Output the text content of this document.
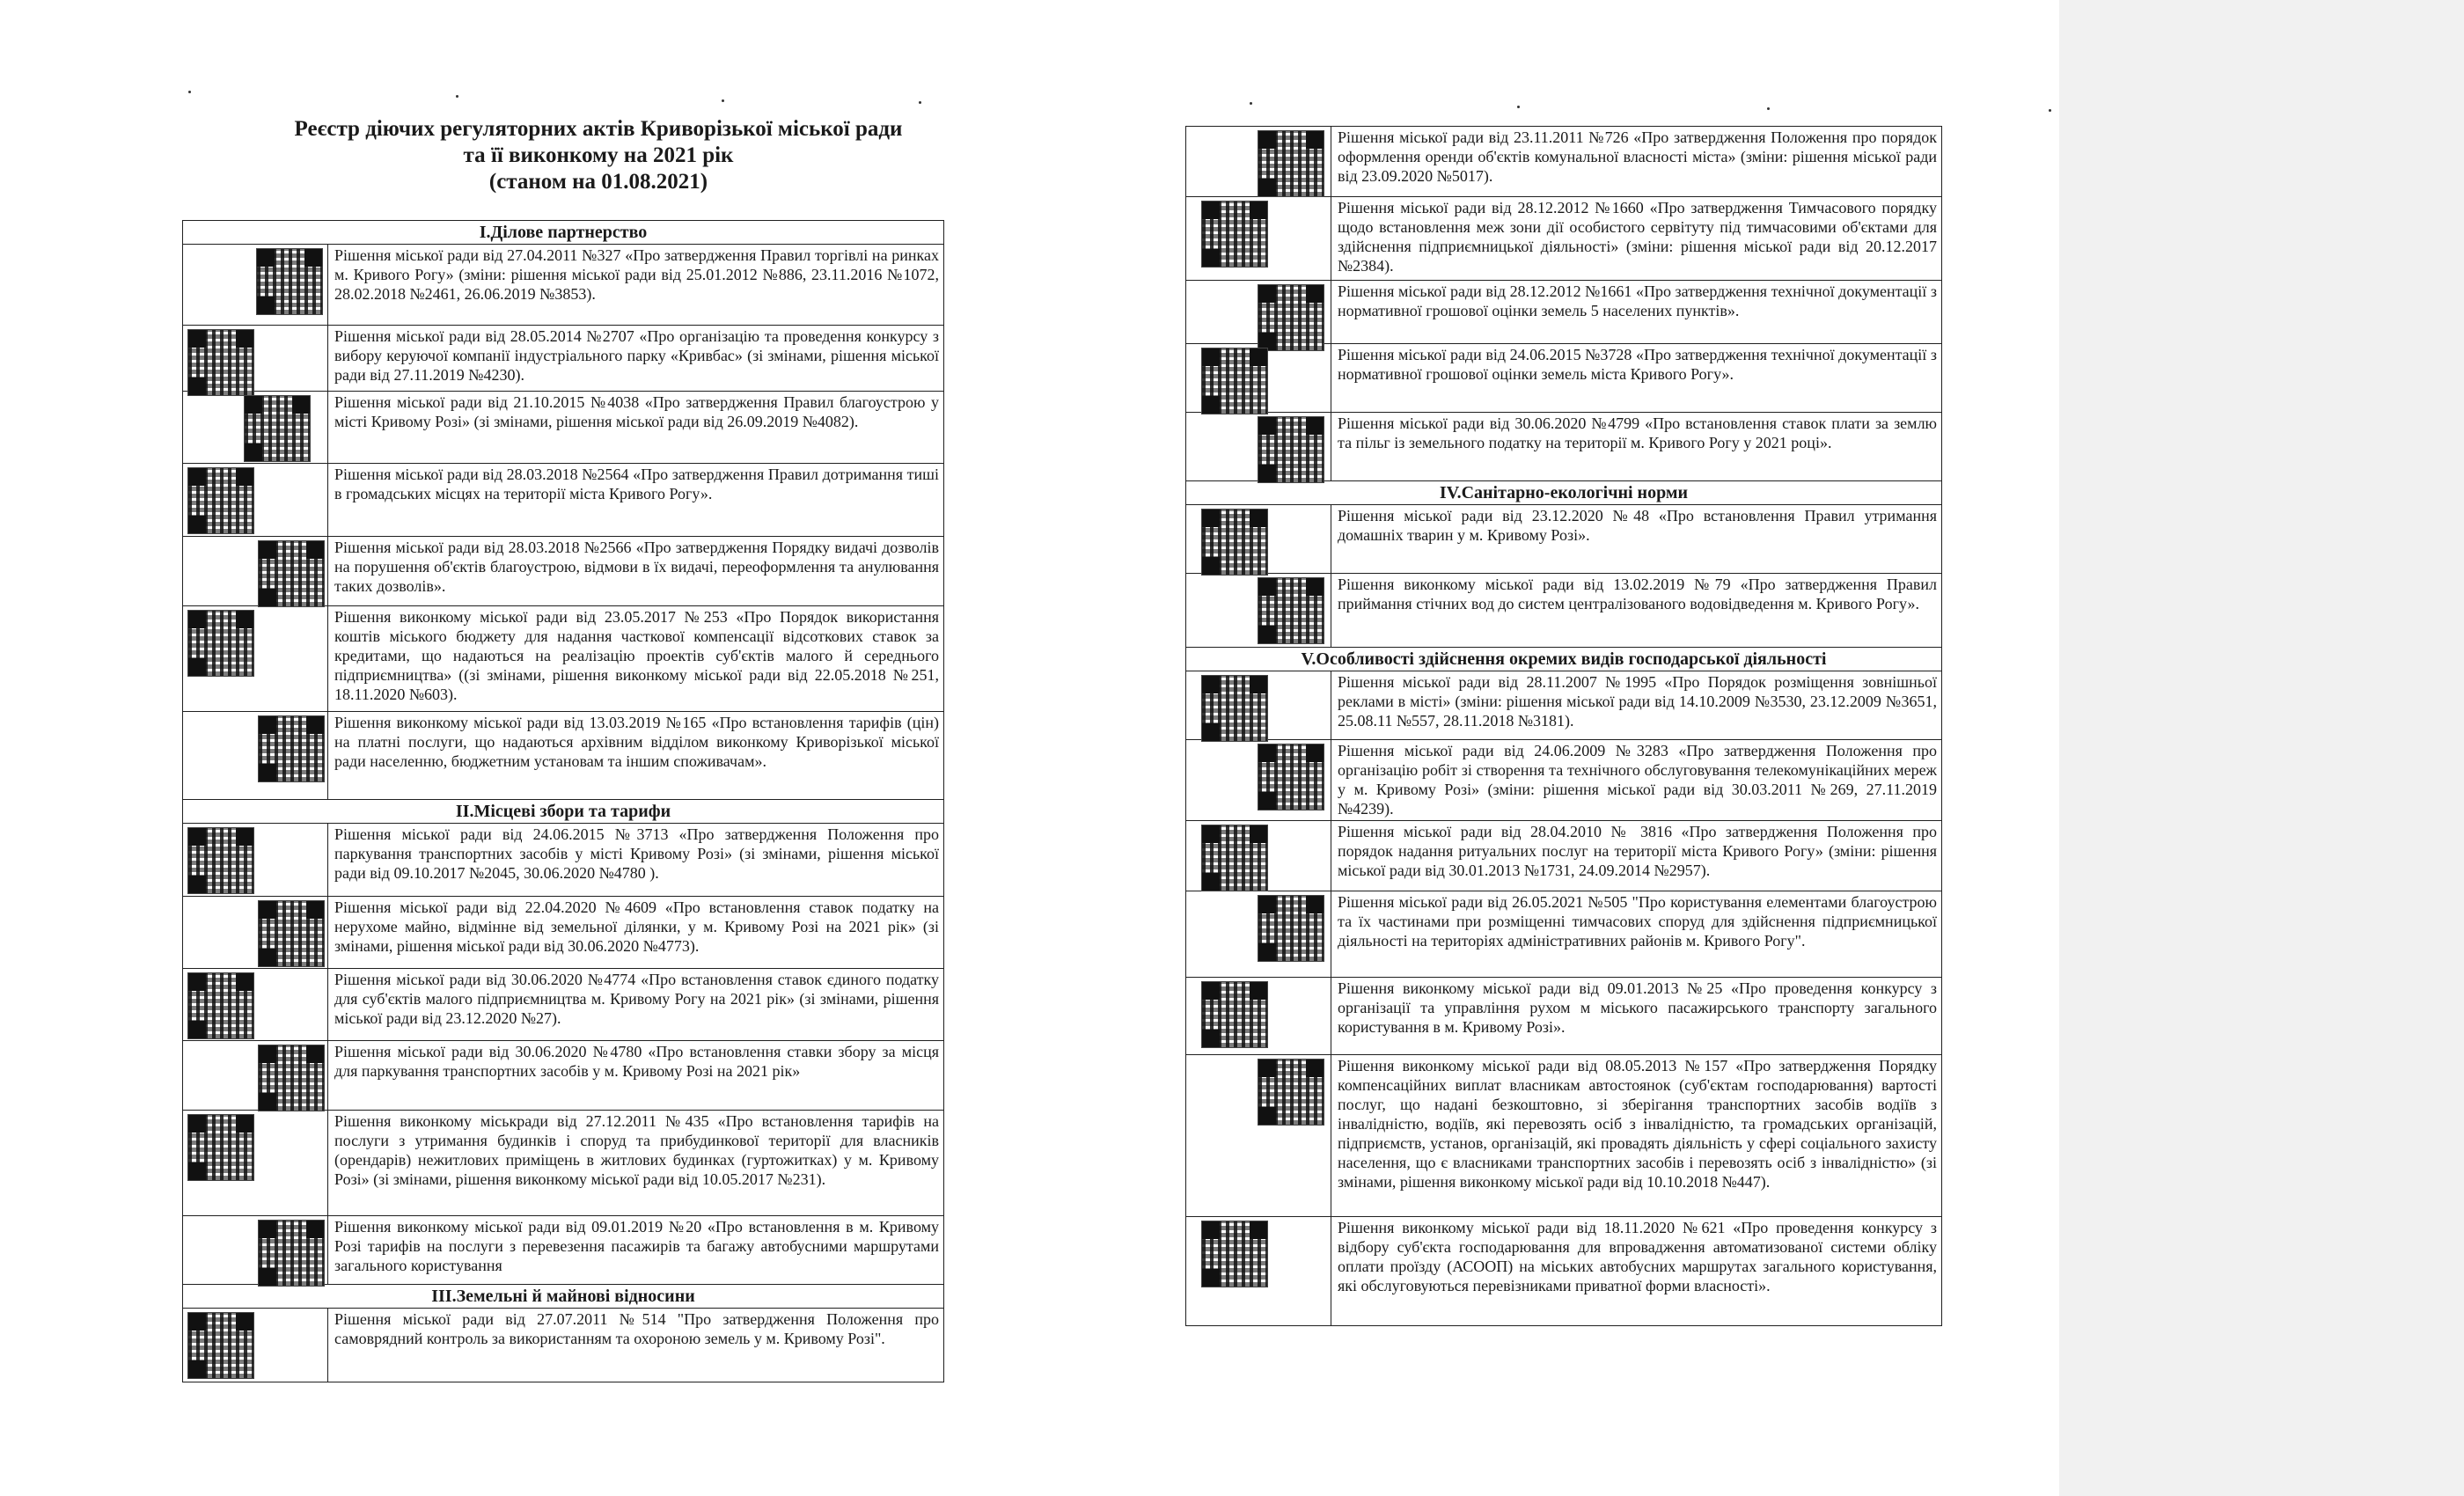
Реєстр діючих регуляторних актів Криворізької міської ради
та її виконкому на 2021 рік
(станом на 01.08.2021)
I.Ділове партнерство	

	Рішення міської ради від 27.04.2011 №327 «Про затвердження Правил торгівлі на ринках м. Кривого Рогу» (зміни: рішення міської ради від 25.01.2012 №886, 23.11.2016 №1072, 28.02.2018 №2461, 26.06.2019 №3853).

	Рішення міської ради від 28.05.2014 №2707 «Про організацію та проведення конкурсу з вибору керуючої компанії індустріального парку «Кривбас» (зі змінами, рішення міської ради від 27.11.2019 №4230).

	Рішення міської ради від 21.10.2015 №4038 «Про затвердження Правил благоустрою у місті Кривому Розі» (зі змінами, рішення міської ради від 26.09.2019 №4082).

	Рішення міської ради від 28.03.2018 №2564 «Про затвердження Правил дотримання тиші в громадських місцях на території міста Кривого Рогу».

	Рішення міської ради від 28.03.2018 №2566 «Про затвердження Порядку видачі дозволів на порушення об'єктів благоустрою, відмови в їх видачі, переоформлення та анулювання таких дозволів».

	Рішення виконкому міської ради від 23.05.2017 №253 «Про Порядок використання коштів міського бюджету для надання часткової компенсації відсоткових ставок за кредитами, що надаються на реалізацію проектів суб'єктів малого й середнього підприємництва» ((зі змінами, рішення виконкому міської ради від 22.05.2018 №251, 18.11.2020 №603).

	Рішення виконкому міської ради від 13.03.2019 №165 «Про встановлення тарифів (цін) на платні послуги, що надаються архівним відділом виконкому Криворізької міської ради населенню, бюджетним установам та іншим споживачам».
II.Місцеві збори та тарифи	

	Рішення міської ради від 24.06.2015 №3713 «Про затвердження Положення про паркування транспортних засобів у місті Кривому Розі» (зі змінами, рішення міської ради від 09.10.2017 №2045, 30.06.2020 №4780 ).

	Рішення міської ради від 22.04.2020 №4609 «Про встановлення ставок податку на нерухоме майно, відмінне від земельної ділянки, у м. Кривому Розі на 2021 рік» (зі змінами, рішення міської ради від 30.06.2020 №4773).

	Рішення міської ради від 30.06.2020 №4774 «Про встановлення ставок єдиного податку для суб'єктів малого підприємництва м. Кривому Рогу на 2021 рік» (зі змінами, рішення міської ради від 23.12.2020 №27).

	Рішення міської ради від 30.06.2020 №4780 «Про встановлення ставки збору за місця для паркування транспортних засобів у м. Кривому Розі на 2021 рік»

	Рішення виконкому міськради від 27.12.2011 №435 «Про встановлення тарифів на послуги з утримання будинків і споруд та прибудинкової території для власників (орендарів) нежитлових приміщень в житлових будинках (гуртожитках) у м. Кривому Розі» (зі змінами, рішення виконкому міської ради від 10.05.2017 №231).

	Рішення виконкому міської ради від 09.01.2019 №20 «Про встановлення в м. Кривому Розі тарифів на послуги з перевезення пасажирів та багажу автобусними маршрутами загального користування
III.Земельні й майнові відносини	

	Рішення міської ради від 27.07.2011 №514 "Про затвердження Положення про самоврядний контроль за використанням та охороною земель у м. Кривому Розі".
	Рішення міської ради від 23.11.2011 №726 «Про затвердження Положення про порядок оформлення оренди об'єктів комунальної власності міста» (зміни: рішення міської ради від 23.09.2020 №5017).

	Рішення міської ради від 28.12.2012 №1660 «Про затвердження Тимчасового порядку щодо встановлення меж зони дії особистого сервітуту під тимчасовими об'єктами для здійснення підприємницької діяльності» (зміни: рішення міської ради від 20.12.2017 №2384).

	Рішення міської ради від 28.12.2012 №1661 «Про затвердження технічної документації з нормативної грошової оцінки земель 5 населених пунктів».

	Рішення міської ради від 24.06.2015 №3728 «Про затвердження технічної документації з нормативної грошової оцінки земель міста Кривого Рогу».

	Рішення міської ради від 30.06.2020 №4799 «Про встановлення ставок плати за землю та пільг із земельного податку на території м. Кривого Рогу у 2021 році».
IV.Санітарно-екологічні норми	

	Рішення міської ради від 23.12.2020 №48 «Про встановлення Правил утримання домашніх тварин у м. Кривому Розі».

	Рішення виконкому міської ради від 13.02.2019 №79 «Про затвердження Правил приймання стічних вод до систем централізованого водовідведення м. Кривого Рогу».
V.Особливості здійснення окремих видів господарської діяльності	

	Рішення міської ради від 28.11.2007 №1995 «Про Порядок розміщення зовнішньої реклами в місті» (зміни: рішення міської ради від 14.10.2009 №3530, 23.12.2009 №3651, 25.08.11 №557, 28.11.2018 №3181).

	Рішення міської ради від 24.06.2009 №3283 «Про затвердження Положення про організацію робіт зі створення та технічного обслуговування телекомунікаційних мереж у м. Кривому Розі» (зміни: рішення міської ради від 30.03.2011 №269, 27.11.2019 №4239).

	Рішення міської ради від 28.04.2010 № 3816 «Про затвердження Положення про порядок надання ритуальних послуг на території міста Кривого Рогу» (зміни: рішення міської ради від 30.01.2013 №1731, 24.09.2014 №2957).

	Рішення міської ради від 26.05.2021 №505 "Про користування елементами благоустрою та їх частинами при розміщенні тимчасових споруд для здійснення підприємницької діяльності на територіях адміністративних районів м. Кривого Рогу".

	Рішення виконкому міської ради від 09.01.2013 №25 «Про проведення конкурсу з організації та управління рухом м міського пасажирського транспорту загального користування в м. Кривому Розі».

	Рішення виконкому міської ради від 08.05.2013 №157 «Про затвердження Порядку компенсаційних виплат власникам автостоянок (суб'єктам господарювання) вартості послуг, що надані безкоштовно, зі зберігання транспортних засобів водіїв з інвалідністю, водіїв, які перевозять осіб з інвалідністю, та громадських організацій, підприємств, установ, організацій, які провадять діяльність у сфері соціального захисту населення, що є власниками транспортних засобів і перевозять осіб з інвалідністю» (зі змінами, рішення виконкому міської ради від 10.10.2018 №447).

	Рішення виконкому міської ради від 18.11.2020 №621 «Про проведення конкурсу з відбору суб'єкта господарювання для впровадження автоматизованої системи обліку оплати проїзду (АСООП) на міських автобусних маршрутах загального користування, які обслуговуються перевізниками приватної форми власності».
